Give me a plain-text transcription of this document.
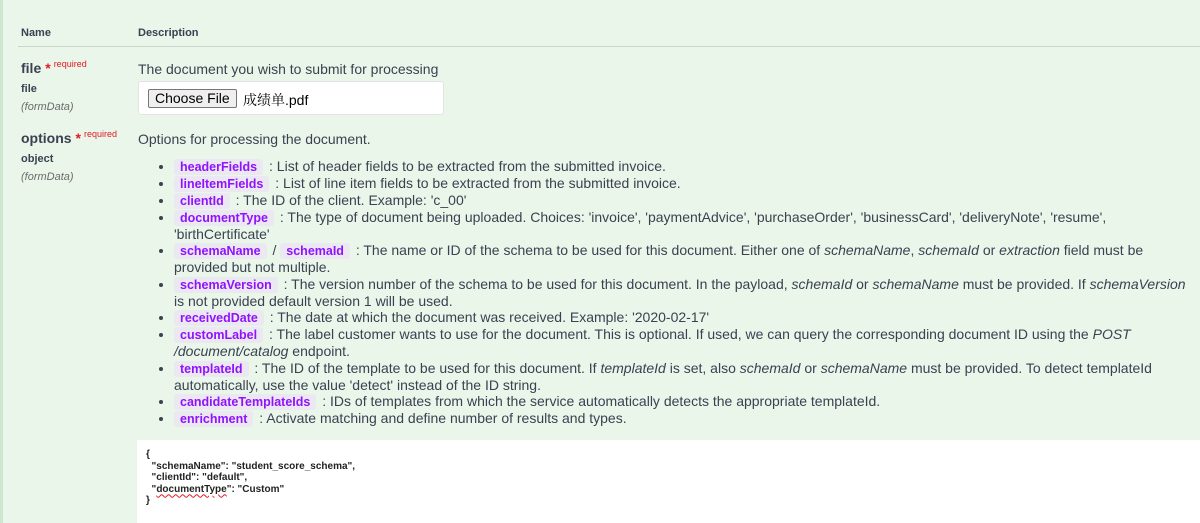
Name	Description
file * $^{required}$
file
(formData)
The document you wish to submit for processing
Choose File 成绩单.pdf
options * $^{required}$
object
(formData)
Options for processing the document.
• headerFields : List of header fields to be extracted from the submitted invoice.
• lineItemFields : List of line item fields to be extracted from the submitted invoice.
• clientId : The ID of the client. Example: 'c_00'
• documentType : The type of document being uploaded. Choices: 'invoice', 'paymentAdvice', 'purchaseOrder', 'businessCard', 'deliveryNote', 'resume', 'birthCertificate'
• schemaName / schemaId : The name or ID of the schema to be used for this document. Either one of schemaName, schemaId or extraction field must be provided but not multiple.
• schemaVersion : The version number of the schema to be used for this document. In the payload, schemaId or schemaName must be provided. If schemaVersion is not provided default version 1 will be used.
• receivedDate : The date at which the document was received. Example: '2020-02-17'
• customLabel : The label customer wants to use for the document. This is optional. If used, we can query the corresponding document ID using the POST /document/catalog endpoint.
• templateId : The ID of the template to be used for this document. If templateId is set, also schemaId or schemaName must be provided. To detect templateId automatically, use the value 'detect' instead of the ID string.
• candidateTemplateIds : IDs of templates from which the service automatically detects the appropriate templateId.
• enrichment : Activate matching and define number of results and types.
{
"schemaName": "student_score_schema",
"clientId": "default",
"documentType": "Custom"
}
